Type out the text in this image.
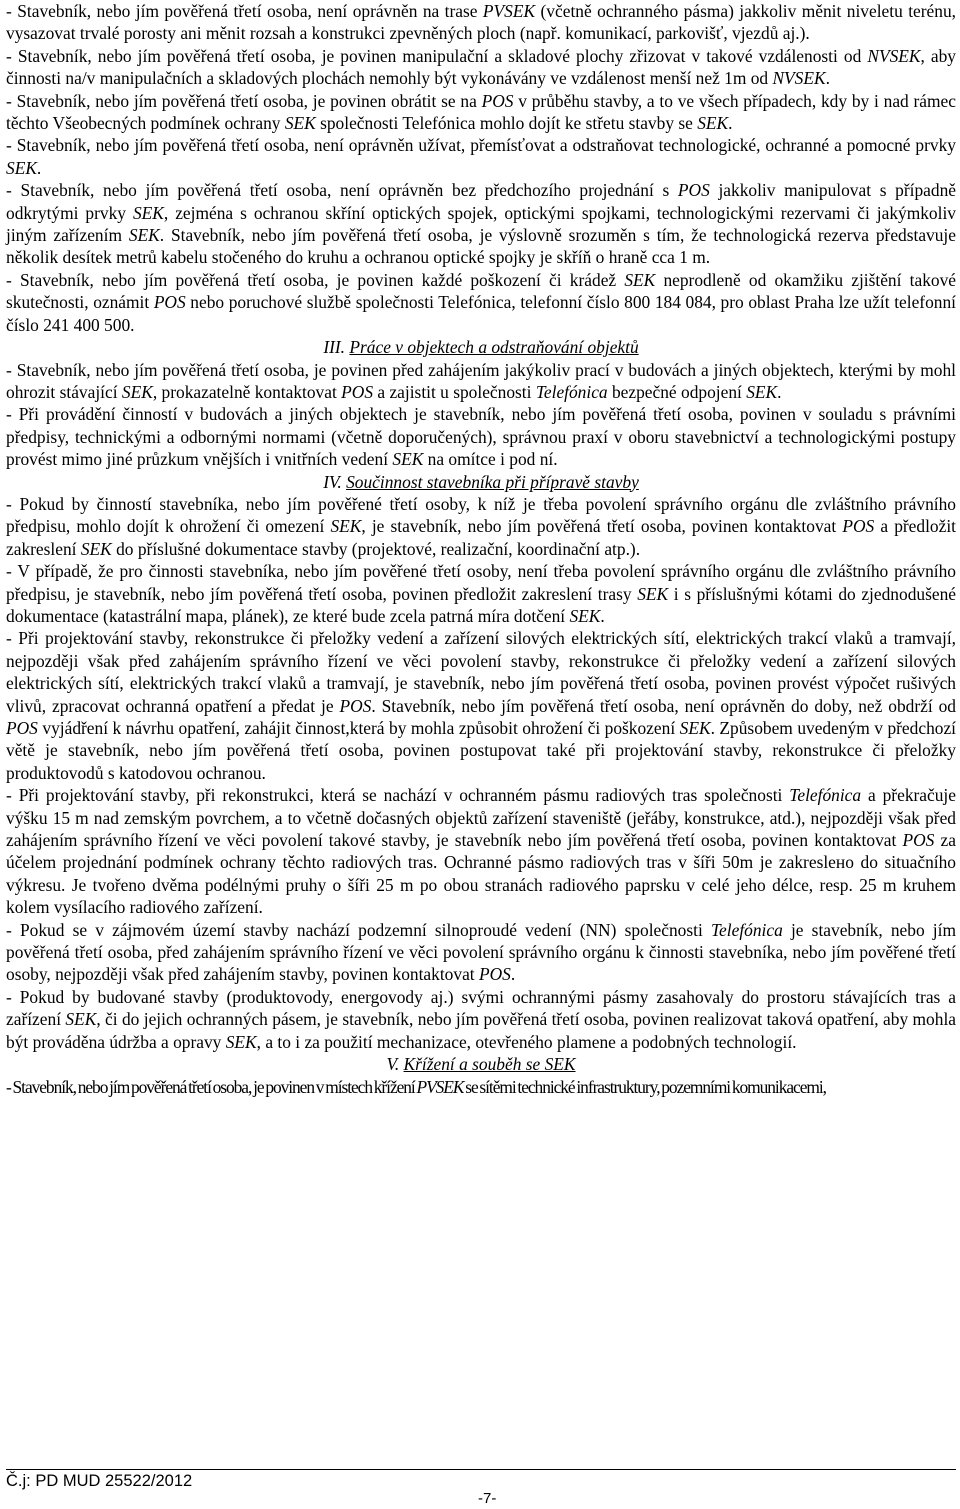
- Stavebník, nebo jím pověřená třetí osoba, není oprávněn na trase PVSEK (včetně ochranného pásma) jakkoliv měnit niveletu terénu, vysazovat trvalé porosty ani měnit rozsah a konstrukci zpevněných ploch (např. komunikací, parkovišť, vjezdů aj.).

- Stavebník, nebo jím pověřená třetí osoba, je povinen manipulační a skladové plochy zřizovat v takové vzdálenosti od NVSEK, aby činnosti na/v manipulačních a skladových plochách nemohly být vykonávány ve vzdálenost menší než 1m od NVSEK.

- Stavebník, nebo jím pověřená třetí osoba, je povinen obrátit se na POS v průběhu stavby, a to ve všech případech, kdy by i nad rámec těchto Všeobecných podmínek ochrany SEK společnosti Telefónica mohlo dojít ke střetu stavby se SEK.

- Stavebník, nebo jím pověřená třetí osoba, není oprávněn užívat, přemísťovat a odstraňovat technologické, ochranné a pomocné prvky SEK.

- Stavebník, nebo jím pověřená třetí osoba, není oprávněn bez předchozího projednání s POS jakkoliv manipulovat s případně odkrytými prvky SEK, zejména s ochranou skříní optických spojek, optickými spojkami, technologickými rezervami či jakýmkoliv jiným zařízením SEK. Stavebník, nebo jím pověřená třetí osoba, je výslovně srozuměn s tím, že technologická rezerva představuje několik desítek metrů kabelu stočeného do kruhu a ochranou optické spojky je skříň o hraně cca 1 m.

- Stavebník, nebo jím pověřená třetí osoba, je povinen každé poškození či krádež SEK neprodleně od okamžiku zjištění takové skutečnosti, oznámit POS nebo poruchové službě společnosti Telefónica, telefonní číslo 800 184 084, pro oblast Praha lze užít telefonní číslo 241 400 500.

III. Práce v objektech a odstraňování objektů

- Stavebník, nebo jím pověřená třetí osoba, je povinen před zahájením jakýkoliv prací v budovách a jiných objektech, kterými by mohl ohrozit stávající SEK, prokazatelně kontaktovat POS a zajistit u společnosti Telefónica bezpečné odpojení SEK.

- Při provádění činností v budovách a jiných objektech je stavebník, nebo jím pověřená třetí osoba, povinen v souladu s právními předpisy, technickými a odbornými normami (včetně doporučených), správnou praxí v oboru stavebnictví a technologickými postupy provést mimo jiné průzkum vnějších i vnitřních vedení SEK na omítce i pod ní.

IV. Součinnost stavebníka při přípravě stavby

- Pokud by činností stavebníka, nebo jím pověřené třetí osoby, k níž je třeba povolení správního orgánu dle zvláštního právního předpisu, mohlo dojít k ohrožení či omezení SEK, je stavebník, nebo jím pověřená třetí osoba, povinen kontaktovat POS a předložit zakreslení SEK do příslušné dokumentace stavby (projektové, realizační, koordinační atp.).

- V případě, že pro činnosti stavebníka, nebo jím pověřené třetí osoby, není třeba povolení správního orgánu dle zvláštního právního předpisu, je stavebník, nebo jím pověřená třetí osoba, povinen předložit zakreslení trasy SEK i s příslušnými kótami do zjednodušené dokumentace (katastrální mapa, plánek), ze které bude zcela patrná míra dotčení SEK.

- Při projektování stavby, rekonstrukce či přeložky vedení a zařízení silových elektrických sítí, elektrických trakcí vlaků a tramvají, nejpozději však před zahájením správního řízení ve věci povolení stavby, rekonstrukce či přeložky vedení a zařízení silových elektrických sítí, elektrických trakcí vlaků a tramvají, je stavebník, nebo jím pověřená třetí osoba, povinen provést výpočet rušivých vlivů, zpracovat ochranná opatření a předat je POS. Stavebník, nebo jím pověřená třetí osoba, není oprávněn do doby, než obdrží od POS vyjádření k návrhu opatření, zahájit činnost,která by mohla způsobit ohrožení či poškození SEK. Způsobem uvedeným v předchozí větě je stavebník, nebo jím pověřená třetí osoba, povinen postupovat také při projektování stavby, rekonstrukce či přeložky produktovodů s katodovou ochranou.

- Při projektování stavby, při rekonstrukci, která se nachází v ochranném pásmu radiových tras společnosti Telefónica a překračuje výšku 15 m nad zemským povrchem, a to včetně dočasných objektů zařízení staveniště (jeřáby, konstrukce, atd.), nejpozději však před zahájením správního řízení ve věci povolení takové stavby, je stavebník nebo jím pověřená třetí osoba, povinen kontaktovat POS za účelem projednání podmínek ochrany těchto radiových tras. Ochranné pásmo radiových tras v šíři 50m je zakreslено do situačního výkresu. Je tvořeno dvěma podélnými pruhy o šíři 25 m po obou stranách radiového paprsku v celé jeho délce, resp. 25 m kruhem kolem vysílacího radiového zařízení.

- Pokud se v zájmovém území stavby nachází podzemní silnoproudé vedení (NN) společnosti Telefónica je stavebník, nebo jím pověřená třetí osoba, před zahájením správního řízení ve věci povolení správního orgánu k činnosti stavebníka, nebo jím pověřené třetí osoby, nejpozději však před zahájením stavby, povinen kontaktovat POS.

- Pokud by budované stavby (produktovody, energovody aj.) svými ochrannými pásmy zasahovaly do prostoru stávajících tras a zařízení SEK, či do jejich ochranných pásem, je stavebník, nebo jím pověřená třetí osoba, povinen realizovat taková opatření, aby mohla být prováděna údržba a opravy SEK, a to i za použití mechanizace, otevřeného plamene a podobných technologií.

V. Křížení a souběh se SEK

- Stavebník, nebo jím pověřená třetí osoba, je povinen v místech křížení PVSEK se sítěmi technické infrastruktury, pozemními komunikacemi,

Č.j: PD MUD 25522/2012
-7-
